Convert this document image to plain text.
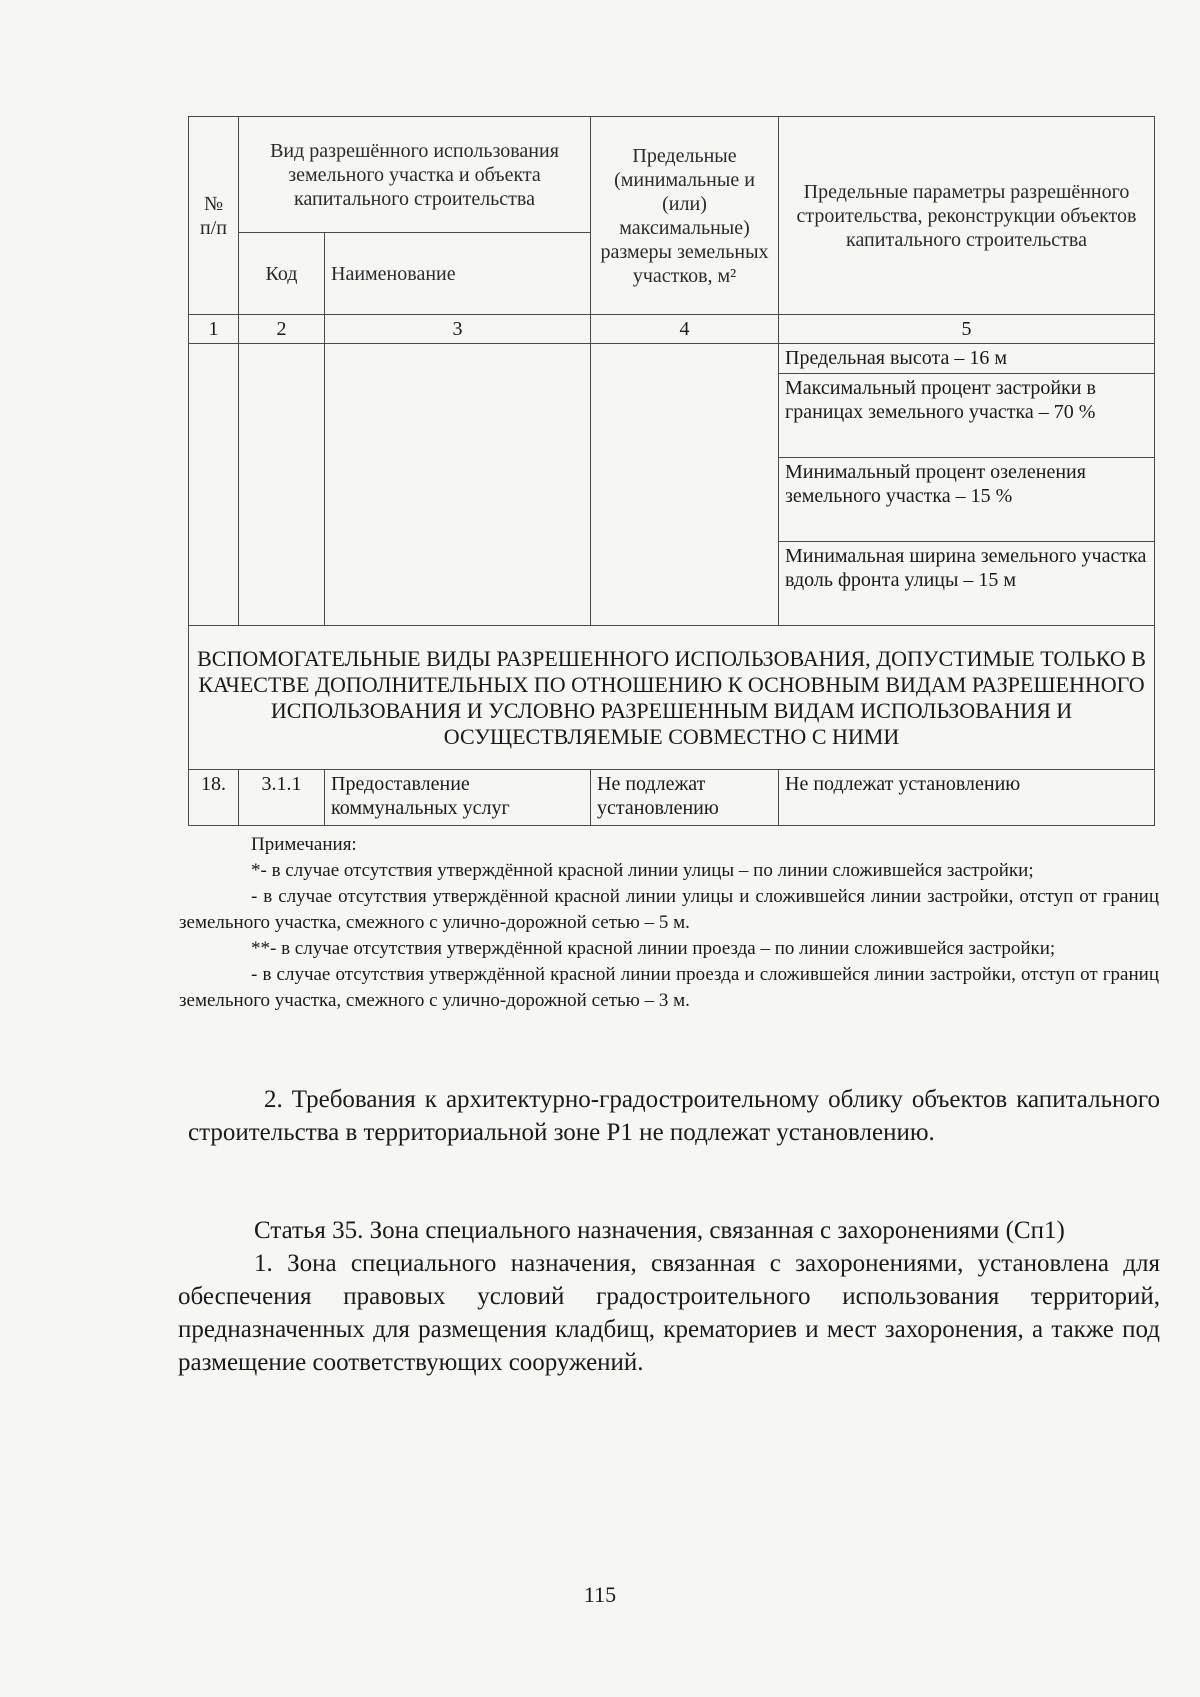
№ п/п	Вид разрешённого использования земельного участка и объекта капитального строительства		Предельные (минимальные и (или) максимальные) размеры земельных участков, м²	Предельные параметры разрешённого строительства, реконструкции объектов капитального строительства
	Код	Наименование		
1	2	3	4	5
				Предельная высота – 16 м
				Максимальный процент застройки в границах земельного участка – 70 %
				Минимальный процент озеленения земельного участка – 15 %
				Минимальная ширина земельного участка вдоль фронта улицы – 15 м
ВСПОМОГАТЕЛЬНЫЕ ВИДЫ РАЗРЕШЕННОГО ИСПОЛЬЗОВАНИЯ, ДОПУСТИМЫЕ ТОЛЬКО В КАЧЕСТВЕ ДОПОЛНИТЕЛЬНЫХ ПО ОТНОШЕНИЮ К ОСНОВНЫМ ВИДАМ РАЗРЕШЕННОГО ИСПОЛЬЗОВАНИЯ И УСЛОВНО РАЗРЕШЕННЫМ ВИДАМ ИСПОЛЬЗОВАНИЯ И ОСУЩЕСТВЛЯЕМЫЕ СОВМЕСТНО С НИМИ				
18.	3.1.1	Предоставление коммунальных услуг	Не подлежат установлению	Не подлежат установлению

Примечания:

*- в случае отсутствия утверждённой красной линии улицы – по линии сложившейся застройки;

- в случае отсутствия утверждённой красной линии улицы и сложившейся линии застройки, отступ от границ земельного участка, смежного с улично-дорожной сетью – 5 м.

**- в случае отсутствия утверждённой красной линии проезда – по линии сложившейся застройки;

- в случае отсутствия утверждённой красной линии проезда и сложившейся линии застройки, отступ от границ земельного участка, смежного с улично-дорожной сетью – 3 м.

2. Требования к архитектурно-градостроительному облику объектов капитального строительства в территориальной зоне Р1 не подлежат установлению.

Статья 35. Зона специального назначения, связанная с захоронениями (Сп1)

1. Зона специального назначения, связанная с захоронениями, установлена для обеспечения правовых условий градостроительного использования территорий, предназначенных для размещения кладбищ, крематориев и мест захоронения, а также под размещение соответствующих сооружений.

115
